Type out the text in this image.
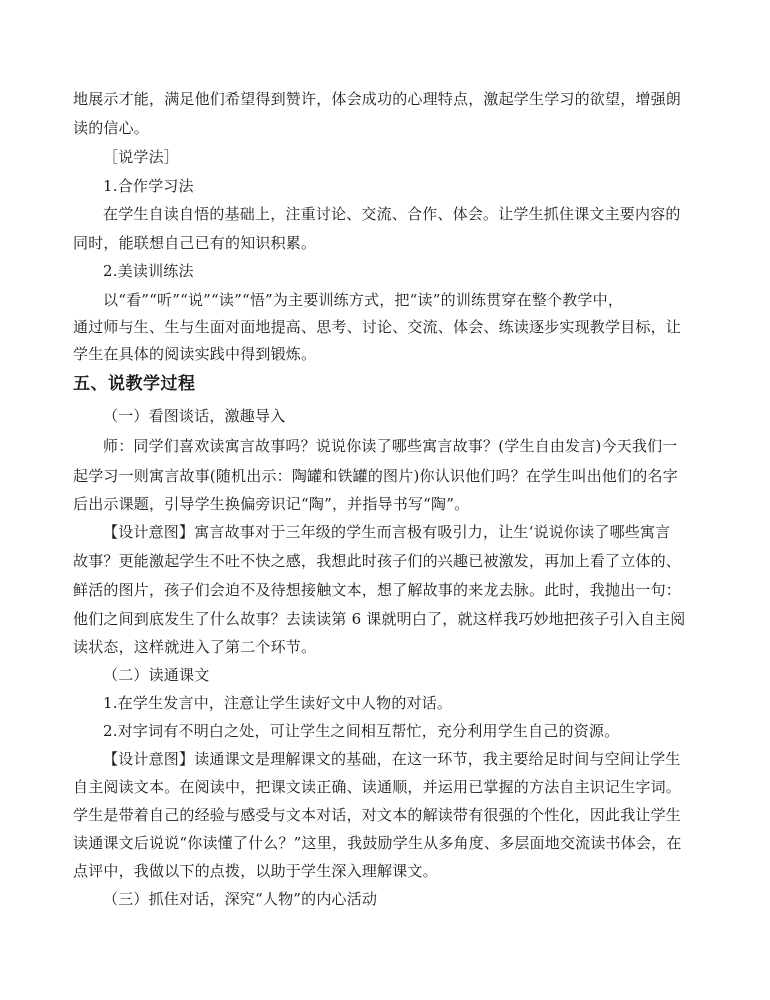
地展示才能，满足他们希望得到赞许，体会成功的心理特点，激起学生学习的欲望，增强朗

读的信心。

［说学法］

1.合作学习法

在学生自读自悟的基础上，注重讨论、交流、合作、体会。让学生抓住课文主要内容的

同时，能联想自己已有的知识积累。

2.美读训练法

以“看”“听”“说”“读”“悟”为主要训练方式，把“读”的训练贯穿在整个教学中，

通过师与生、生与生面对面地提高、思考、讨论、交流、体会、练读逐步实现教学目标，让

学生在具体的阅读实践中得到锻炼。

五、说教学过程

（一）看图谈话，激趣导入

师：同学们喜欢读寓言故事吗？说说你读了哪些寓言故事？(学生自由发言)今天我们一

起学习一则寓言故事(随机出示：陶罐和铁罐的图片)你认识他们吗？在学生叫出他们的名字

后出示课题，引导学生换偏旁识记“陶”，并指导书写“陶”。

【设计意图】寓言故事对于三年级的学生而言极有吸引力，让生‘说说你读了哪些寓言

故事？更能激起学生不吐不快之感，我想此时孩子们的兴趣已被激发，再加上看了立体的、

鲜活的图片，孩子们会迫不及待想接触文本，想了解故事的来龙去脉。此时，我抛出一句：

他们之间到底发生了什么故事？去读读第 6 课就明白了，就这样我巧妙地把孩子引入自主阅

读状态，这样就进入了第二个环节。

（二）读通课文

1.在学生发言中，注意让学生读好文中人物的对话。

2.对字词有不明白之处，可让学生之间相互帮忙，充分利用学生自己的资源。

【设计意图】读通课文是理解课文的基础，在这一环节，我主要给足时间与空间让学生

自主阅读文本。在阅读中，把课文读正确、读通顺，并运用已掌握的方法自主识记生字词。

学生是带着自己的经验与感受与文本对话，对文本的解读带有很强的个性化，因此我让学生

读通课文后说说“你读懂了什么？”这里，我鼓励学生从多角度、多层面地交流读书体会，在

点评中，我做以下的点拨，以助于学生深入理解课文。

（三）抓住对话，深究“人物”的内心活动
